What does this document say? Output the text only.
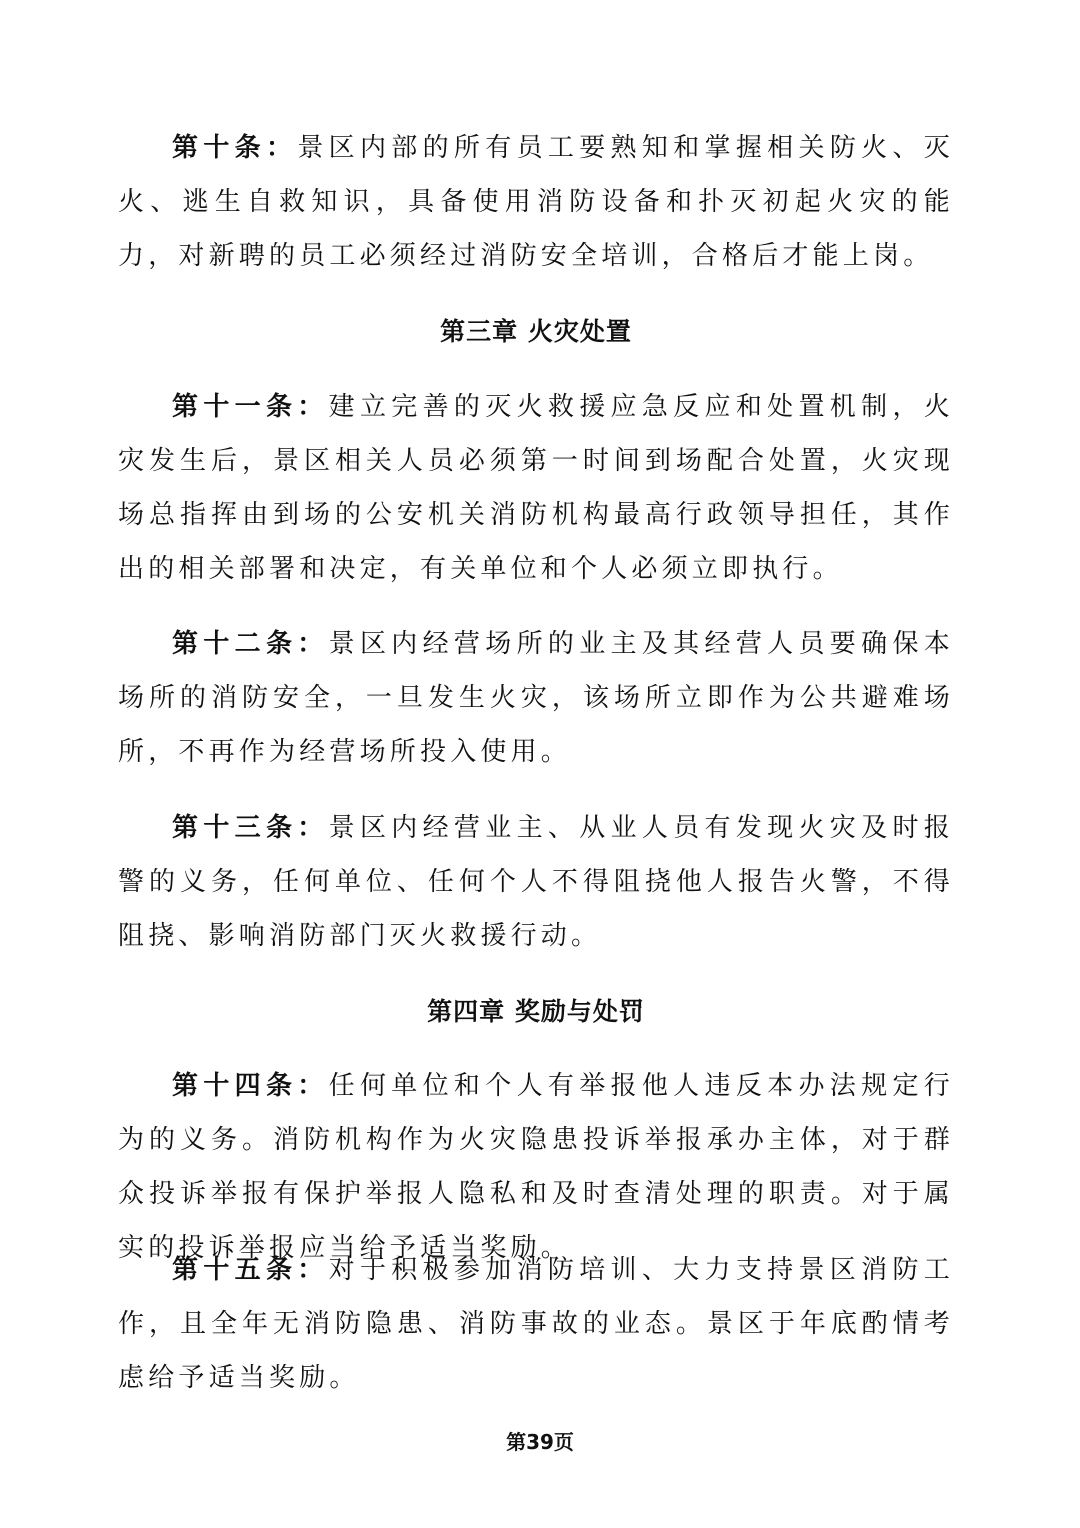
第十条：景区内部的所有员工要熟知和掌握相关防火、灭火、逃生自救知识，具备使用消防设备和扑灭初起火灾的能力，对新聘的员工必须经过消防安全培训，合格后才能上岗。

第三章 火灾处置

第十一条：建立完善的灭火救援应急反应和处置机制，火灾发生后，景区相关人员必须第一时间到场配合处置，火灾现场总指挥由到场的公安机关消防机构最高行政领导担任，其作出的相关部署和决定，有关单位和个人必须立即执行。

第十二条：景区内经营场所的业主及其经营人员要确保本场所的消防安全，一旦发生火灾，该场所立即作为公共避难场所，不再作为经营场所投入使用。

第十三条：景区内经营业主、从业人员有发现火灾及时报警的义务，任何单位、任何个人不得阻挠他人报告火警，不得阻挠、影响消防部门灭火救援行动。

第四章 奖励与处罚

第十四条：任何单位和个人有举报他人违反本办法规定行为的义务。消防机构作为火灾隐患投诉举报承办主体，对于群众投诉举报有保护举报人隐私和及时查清处理的职责。对于属实的投诉举报应当给予适当奖励。

第十五条：对于积极参加消防培训、大力支持景区消防工作，且全年无消防隐患、消防事故的业态。景区于年底酌情考虑给予适当奖励。

第39页
